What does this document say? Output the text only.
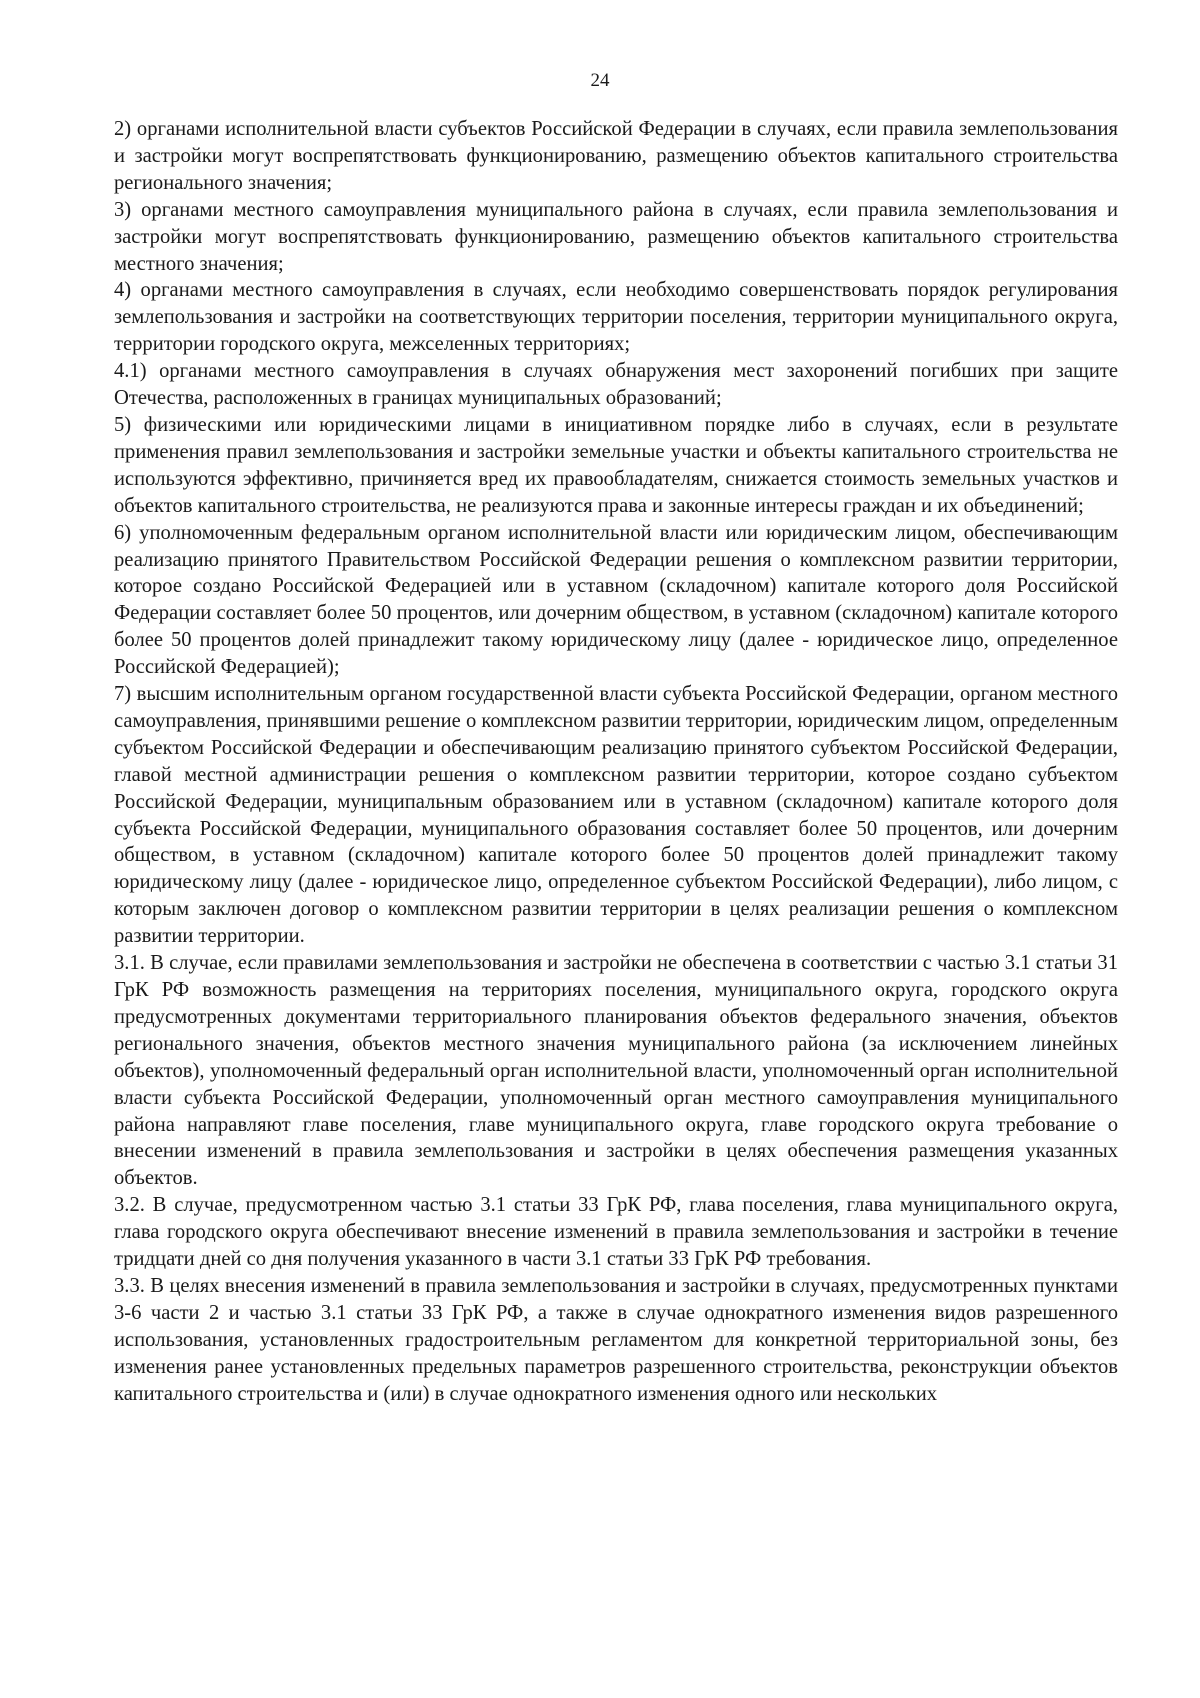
24

2) органами исполнительной власти субъектов Российской Федерации в случаях, если правила землепользования и застройки могут воспрепятствовать функционированию, размещению объектов капитального строительства регионального значения;

3) органами местного самоуправления муниципального района в случаях, если правила землепользования и застройки могут воспрепятствовать функционированию, размещению объектов капитального строительства местного значения;

4) органами местного самоуправления в случаях, если необходимо совершенствовать порядок регулирования землепользования и застройки на соответствующих территории поселения, территории муниципального округа, территории городского округа, межселенных территориях;

4.1) органами местного самоуправления в случаях обнаружения мест захоронений погибших при защите Отечества, расположенных в границах муниципальных образований;

5) физическими или юридическими лицами в инициативном порядке либо в случаях, если в результате применения правил землепользования и застройки земельные участки и объекты капитального строительства не используются эффективно, причиняется вред их правообладателям, снижается стоимость земельных участков и объектов капитального строительства, не реализуются права и законные интересы граждан и их объединений;

6) уполномоченным федеральным органом исполнительной власти или юридическим лицом, обеспечивающим реализацию принятого Правительством Российской Федерации решения о комплексном развитии территории, которое создано Российской Федерацией или в уставном (складочном) капитале которого доля Российской Федерации составляет более 50 процентов, или дочерним обществом, в уставном (складочном) капитале которого более 50 процентов долей принадлежит такому юридическому лицу (далее - юридическое лицо, определенное Российской Федерацией);

7) высшим исполнительным органом государственной власти субъекта Российской Федерации, органом местного самоуправления, принявшими решение о комплексном развитии территории, юридическим лицом, определенным субъектом Российской Федерации и обеспечивающим реализацию принятого субъектом Российской Федерации, главой местной администрации решения о комплексном развитии территории, которое создано субъектом Российской Федерации, муниципальным образованием или в уставном (складочном) капитале которого доля субъекта Российской Федерации, муниципального образования составляет более 50 процентов, или дочерним обществом, в уставном (складочном) капитале которого более 50 процентов долей принадлежит такому юридическому лицу (далее - юридическое лицо, определенное субъектом Российской Федерации), либо лицом, с которым заключен договор о комплексном развитии территории в целях реализации решения о комплексном развитии территории.

3.1. В случае, если правилами землепользования и застройки не обеспечена в соответствии с частью 3.1 статьи 31 ГрК РФ возможность размещения на территориях поселения, муниципального округа, городского округа предусмотренных документами территориального планирования объектов федерального значения, объектов регионального значения, объектов местного значения муниципального района (за исключением линейных объектов), уполномоченный федеральный орган исполнительной власти, уполномоченный орган исполнительной власти субъекта Российской Федерации, уполномоченный орган местного самоуправления муниципального района направляют главе поселения, главе муниципального округа, главе городского округа требование о внесении изменений в правила землепользования и застройки в целях обеспечения размещения указанных объектов.

3.2. В случае, предусмотренном частью 3.1 статьи 33 ГрК РФ, глава поселения, глава муниципального округа, глава городского округа обеспечивают внесение изменений в правила землепользования и застройки в течение тридцати дней со дня получения указанного в части 3.1 статьи 33 ГрК РФ требования.

3.3. В целях внесения изменений в правила землепользования и застройки в случаях, предусмотренных пунктами 3-6 части 2 и частью 3.1 статьи 33 ГрК РФ, а также в случае однократного изменения видов разрешенного использования, установленных градостроительным регламентом для конкретной территориальной зоны, без изменения ранее установленных предельных параметров разрешенного строительства, реконструкции объектов капитального строительства и (или) в случае однократного изменения одного или нескольких
